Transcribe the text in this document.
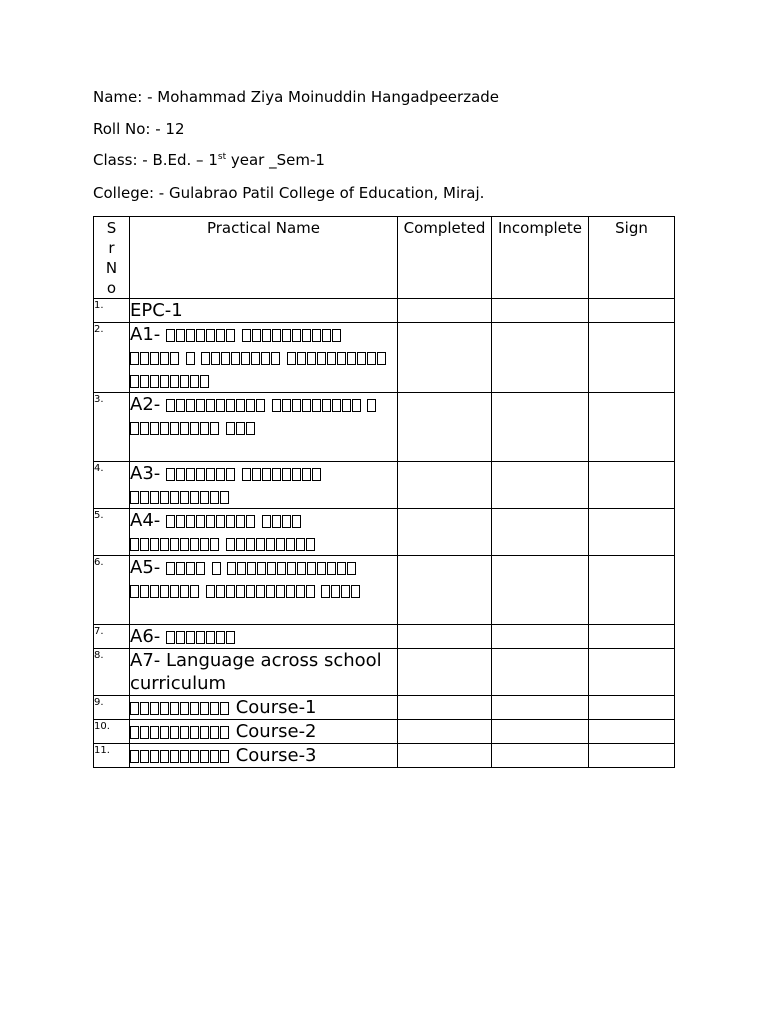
Name: - Mohammad Ziya Moinuddin Hangadpeerzade
Roll No: - 12
Class: - B.Ed. – 1st year _Sem-1
College: - Gulabrao Patil College of Education, Miraj.
Sr No	Practical Name	Completed	Incomplete	Sign
1.	EPC-1			
2.	A1-			
3.	A2-			
4.	A3-			
5.	A4-			
6.	A5-			
7.	A6-			
8.	A7- Language across school curriculum			
9.	Course-1			
10.	Course-2			
11.	Course-3			
